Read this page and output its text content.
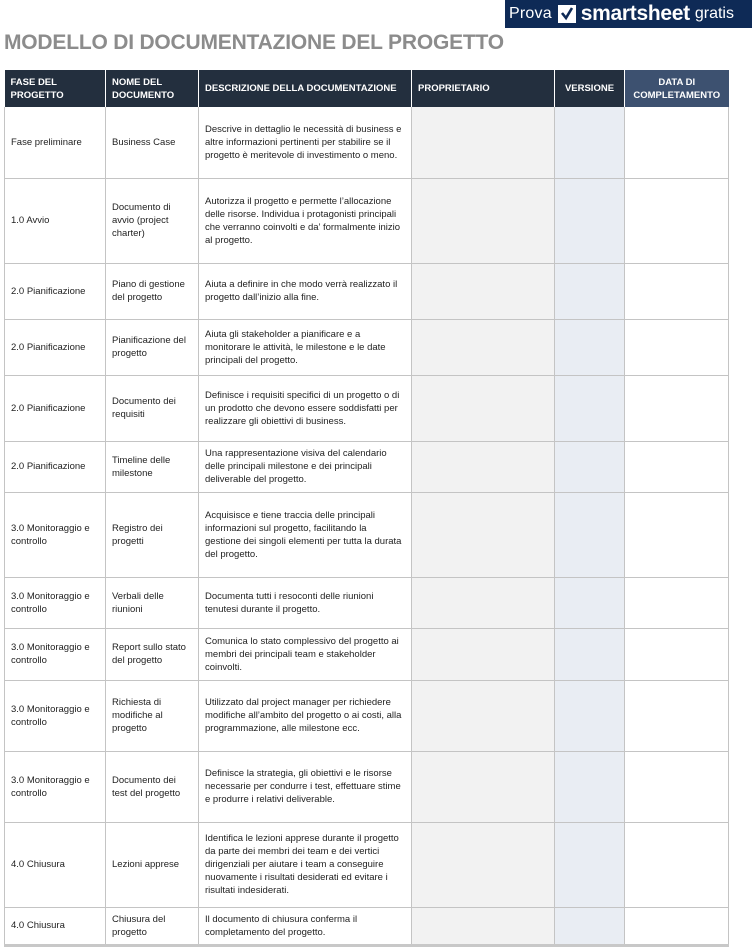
Prova smartsheet gratis
MODELLO DI DOCUMENTAZIONE DEL PROGETTO
FASE DEL PROGETTO	NOME DEL DOCUMENTO	DESCRIZIONE DELLA DOCUMENTAZIONE	PROPRIETARIO	VERSIONE	DATA DI COMPLETAMENTO
Fase preliminare	Business Case	Descrive in dettaglio le necessità di business e altre informazioni pertinenti per stabilire se il progetto è meritevole di investimento o meno.			
1.0 Avvio	Documento di avvio (project charter)	Autorizza il progetto e permette l’allocazione delle risorse. Individua i protagonisti principali che verranno coinvolti e da’ formalmente inizio al progetto.			
2.0 Pianificazione	Piano di gestione del progetto	Aiuta a definire in che modo verrà realizzato il progetto dall’inizio alla fine.			
2.0 Pianificazione	Pianificazione del progetto	Aiuta gli stakeholder a pianificare e a monitorare le attività, le milestone e le date principali del progetto.			
2.0 Pianificazione	Documento dei requisiti	Definisce i requisiti specifici di un progetto o di un prodotto che devono essere soddisfatti per realizzare gli obiettivi di business.			
2.0 Pianificazione	Timeline delle milestone	Una rappresentazione visiva del calendario delle principali milestone e dei principali deliverable del progetto.			
3.0 Monitoraggio e controllo	Registro dei progetti	Acquisisce e tiene traccia delle principali informazioni sul progetto, facilitando la gestione dei singoli elementi per tutta la durata del progetto.			
3.0 Monitoraggio e controllo	Verbali delle riunioni	Documenta tutti i resoconti delle riunioni tenutesi durante il progetto.			
3.0 Monitoraggio e controllo	Report sullo stato del progetto	Comunica lo stato complessivo del progetto ai membri dei principali team e stakeholder coinvolti.			
3.0 Monitoraggio e controllo	Richiesta di modifiche al progetto	Utilizzato dal project manager per richiedere modifiche all’ambito del progetto o ai costi, alla programmazione, alle milestone ecc.			
3.0 Monitoraggio e controllo	Documento dei test del progetto	Definisce la strategia, gli obiettivi e le risorse necessarie per condurre i test, effettuare stime e produrre i relativi deliverable.			
4.0 Chiusura	Lezioni apprese	Identifica le lezioni apprese durante il progetto da parte dei membri dei team e dei vertici dirigenziali per aiutare i team a conseguire nuovamente i risultati desiderati ed evitare i risultati indesiderati.			
4.0 Chiusura	Chiusura del progetto	Il documento di chiusura conferma il completamento del progetto.			
